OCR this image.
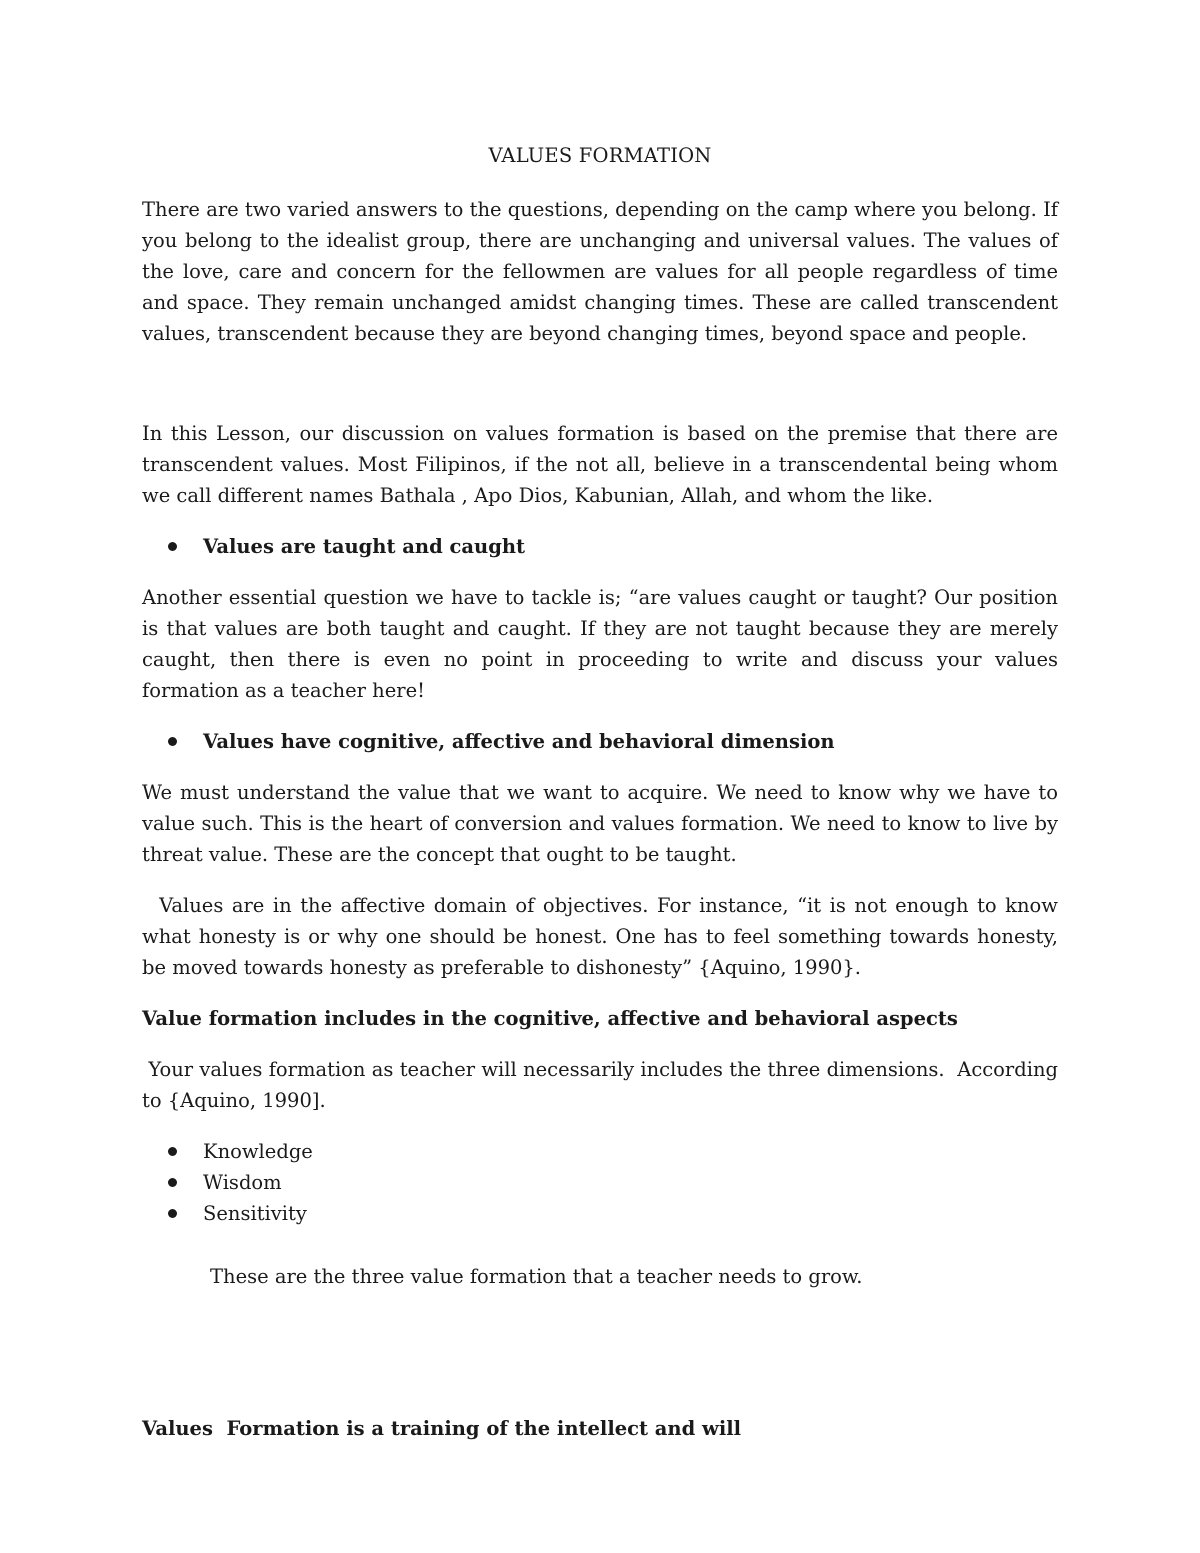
VALUES FORMATION

There are two varied answers to the questions, depending on the camp where you belong. If you belong to the idealist group, there are unchanging and universal values. The values of the love, care and concern for the fellowmen are values for all people regardless of time and space. They remain unchanged amidst changing times. These are called transcendent values, transcendent because they are beyond changing times, beyond space and people.

In this Lesson, our discussion on values formation is based on the premise that there are transcendent values. Most Filipinos, if the not all, believe in a transcendental being whom we call different names Bathala , Apo Dios, Kabunian, Allah, and whom the like.

Values are taught and caught

Another essential question we have to tackle is; “are values caught or taught? Our position is that values are both taught and caught. If they are not taught because they are merely caught, then there is even no point in proceeding to write and discuss your values formation as a teacher here!

Values have cognitive, affective and behavioral dimension

We must understand the value that we want to acquire. We need to know why we have to value such. This is the heart of conversion and values formation. We need to know to live by threat value. These are the concept that ought to be taught.

Values are in the affective domain of objectives. For instance, “it is not enough to know what honesty is or why one should be honest. One has to feel something towards honesty, be moved towards honesty as preferable to dishonesty” {Aquino, 1990}.

Value formation includes in the cognitive, affective and behavioral aspects

Your values formation as teacher will necessarily includes the three dimensions.  According to {Aquino, 1990].

Knowledge
Wisdom
Sensitivity

These are the three value formation that a teacher needs to grow.

Values  Formation is a training of the intellect and will
